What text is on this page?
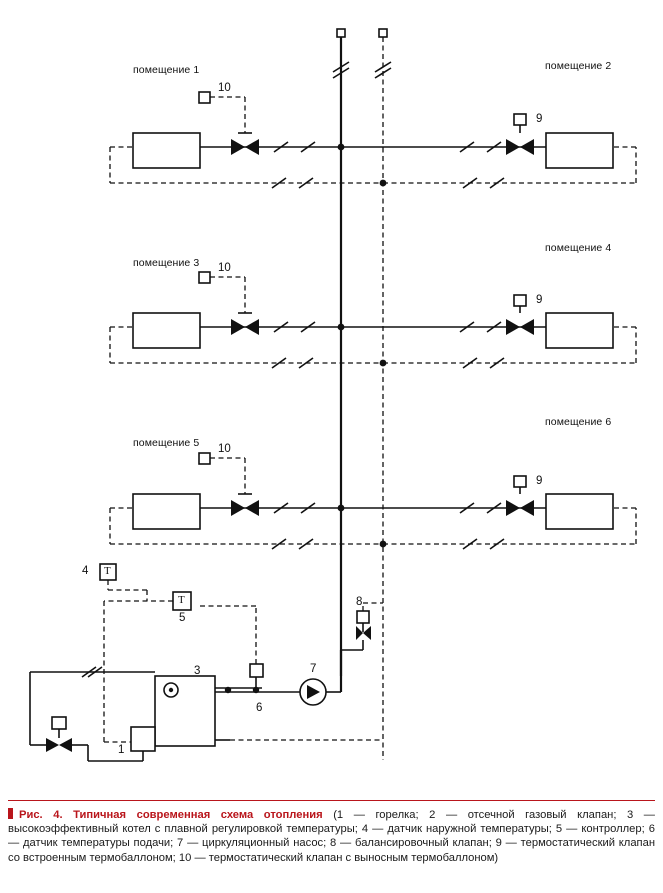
помещение 1	помещение 2
помещение 3
помещение 4
помещение 5
помещение 6
10
9
10
9
10
9
4
5
8
3	7
6
1
T
T
Рис. 4. Типичная современная схема отопления (1 — горелка; 2 — отсечной газовый клапан; 3 — высокоэффективный котел с плавной регулировкой температуры; 4 — датчик наружной температуры; 5 — контроллер; 6 — датчик температуры подачи; 7 — циркуляционный насос; 8 — балансировочный клапан; 9 — термостатический клапан со встроенным термобаллоном; 10 — термостатический клапан с выносным термобаллоном)
